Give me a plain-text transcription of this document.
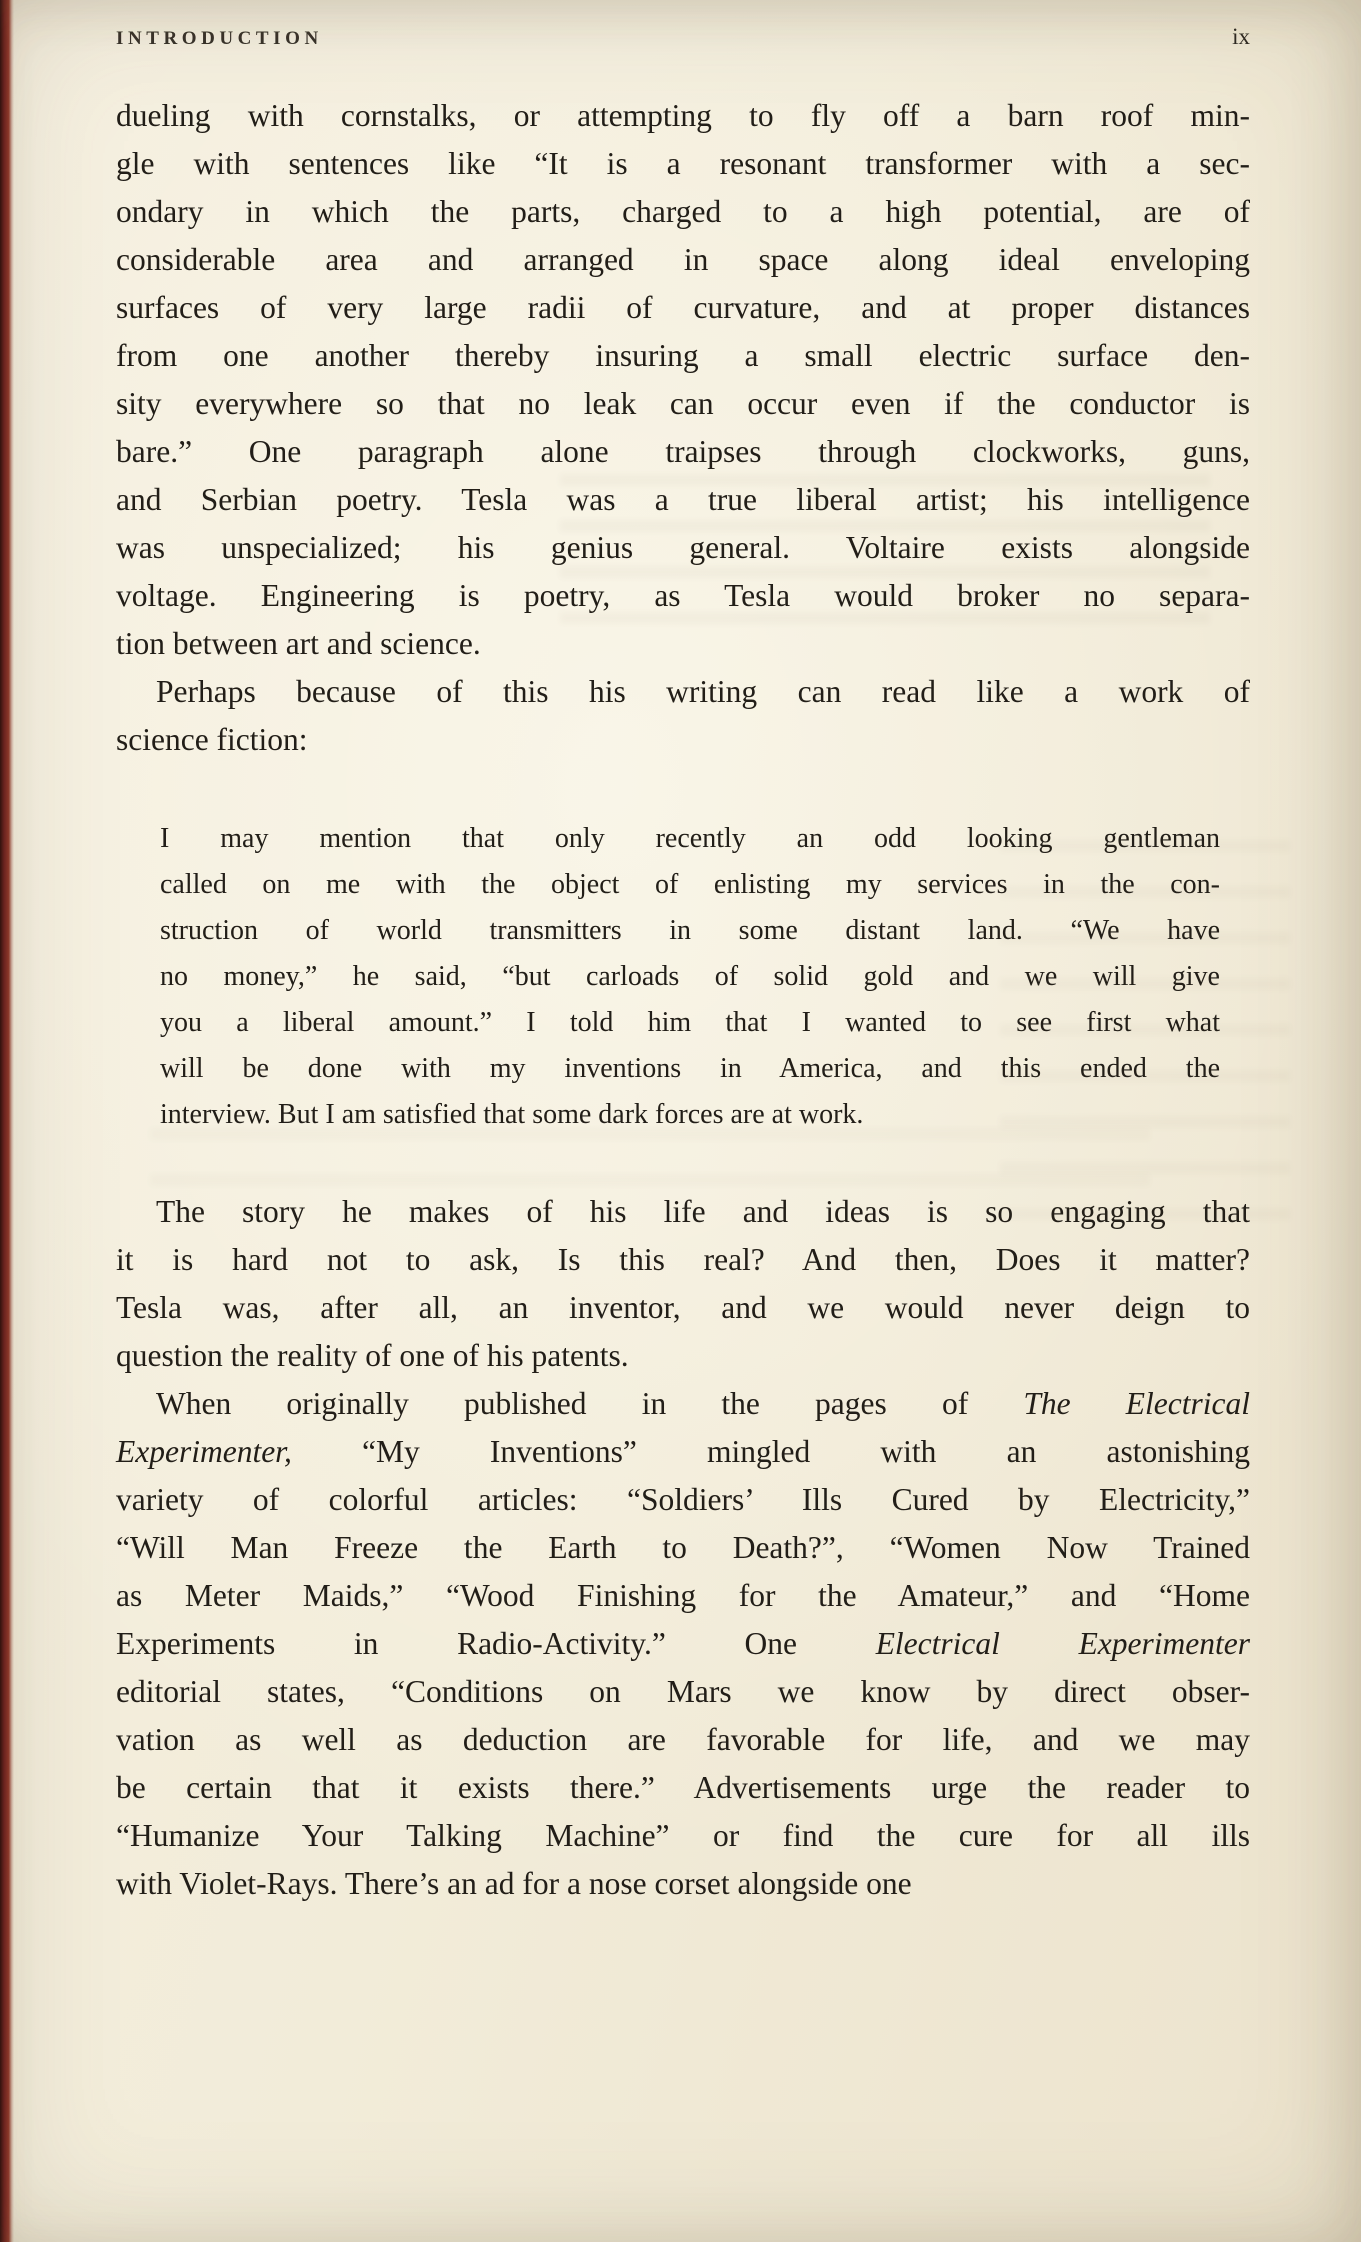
INTRODUCTION	ix
dueling with cornstalks, or attempting to fly off a barn roof min-
gle with sentences like “It is a resonant transformer with a sec-
ondary in which the parts, charged to a high potential, are of
considerable area and arranged in space along ideal enveloping
surfaces of very large radii of curvature, and at proper distances
from one another thereby insuring a small electric surface den-
sity everywhere so that no leak can occur even if the conductor is
bare.” One paragraph alone traipses through clockworks, guns,
and Serbian poetry. Tesla was a true liberal artist; his intelligence
was unspecialized; his genius general. Voltaire exists alongside
voltage. Engineering is poetry, as Tesla would broker no separa-
tion between art and science.
Perhaps because of this his writing can read like a work of
science fiction:
I may mention that only recently an odd looking gentleman
called on me with the object of enlisting my services in the con-
struction of world transmitters in some distant land. “We have
no money,” he said, “but carloads of solid gold and we will give
you a liberal amount.” I told him that I wanted to see first what
will be done with my inventions in America, and this ended the
interview. But I am satisfied that some dark forces are at work.
The story he makes of his life and ideas is so engaging that
it is hard not to ask, Is this real? And then, Does it matter?
Tesla was, after all, an inventor, and we would never deign to
question the reality of one of his patents.
When originally published in the pages of The Electrical
Experimenter, “My Inventions” mingled with an astonishing
variety of colorful articles: “Soldiers’ Ills Cured by Electricity,”
“Will Man Freeze the Earth to Death?”, “Women Now Trained
as Meter Maids,” “Wood Finishing for the Amateur,” and “Home
Experiments in Radio-Activity.” One Electrical Experimenter
editorial states, “Conditions on Mars we know by direct obser-
vation as well as deduction are favorable for life, and we may
be certain that it exists there.” Advertisements urge the reader to
“Humanize Your Talking Machine” or find the cure for all ills
with Violet-Rays. There’s an ad for a nose corset alongside one
